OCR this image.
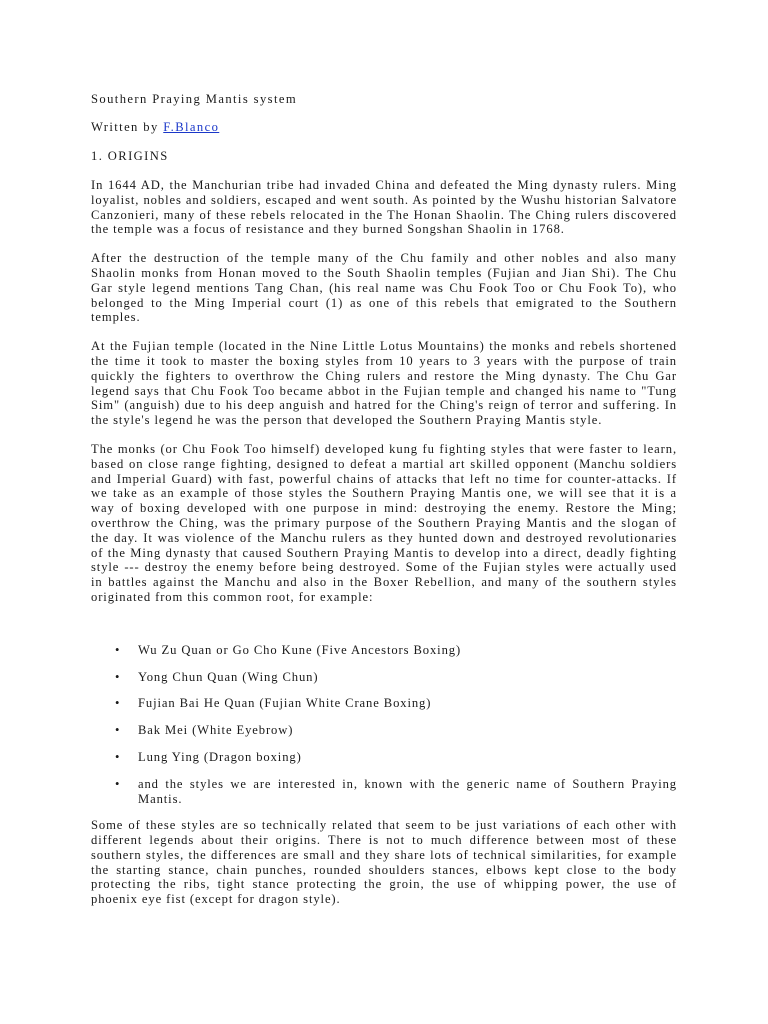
Southern Praying Mantis system

Written by F.Blanco

1. ORIGINS

In 1644 AD, the Manchurian tribe had invaded China and defeated the Ming dynasty rulers. Ming loyalist, nobles and soldiers, escaped and went south. As pointed by the Wushu historian Salvatore Canzonieri, many of these rebels relocated in the The Honan Shaolin. The Ching rulers discovered the temple was a focus of resistance and they burned Songshan Shaolin in 1768.

After the destruction of the temple many of the Chu family and other nobles and also many Shaolin monks from Honan moved to the South Shaolin temples (Fujian and Jian Shi). The Chu Gar style legend mentions Tang Chan, (his real name was Chu Fook Too or Chu Fook To), who belonged to the Ming Imperial court (1) as one of this rebels that emigrated to the Southern temples.

At the Fujian temple (located in the Nine Little Lotus Mountains) the monks and rebels shortened the time it took to master the boxing styles from 10 years to 3 years with the purpose of train quickly the fighters to overthrow the Ching rulers and restore the Ming dynasty. The Chu Gar legend says that Chu Fook Too became abbot in the Fujian temple and changed his name to "Tung Sim" (anguish) due to his deep anguish and hatred for the Ching's reign of terror and suffering. In the style's legend he was the person that developed the Southern Praying Mantis style.

The monks (or Chu Fook Too himself) developed kung fu fighting styles that were faster to learn, based on close range fighting, designed to defeat a martial art skilled opponent (Manchu soldiers and Imperial Guard) with fast, powerful chains of attacks that left no time for counter-attacks. If we take as an example of those styles the Southern Praying Mantis one, we will see that it is a way of boxing developed with one purpose in mind: destroying the enemy. Restore the Ming; overthrow the Ching, was the primary purpose of the Southern Praying Mantis and the slogan of the day. It was violence of the Manchu rulers as they hunted down and destroyed revolutionaries of the Ming dynasty that caused Southern Praying Mantis to develop into a direct, deadly fighting style --- destroy the enemy before being destroyed. Some of the Fujian styles were actually used in battles against the Manchu and also in the Boxer Rebellion, and many of the southern styles originated from this common root, for example:

• Wu Zu Quan or Go Cho Kune (Five Ancestors Boxing)
• Yong Chun Quan (Wing Chun)
• Fujian Bai He Quan (Fujian White Crane Boxing)
• Bak Mei (White Eyebrow)
• Lung Ying (Dragon boxing)
• and the styles we are interested in, known with the generic name of Southern Praying Mantis.

Some of these styles are so technically related that seem to be just variations of each other with different legends about their origins. There is not to much difference between most of these southern styles, the differences are small and they share lots of technical similarities, for example the starting stance, chain punches, rounded shoulders stances, elbows kept close to the body protecting the ribs, tight stance protecting the groin, the use of whipping power, the use of phoenix eye fist (except for dragon style).
